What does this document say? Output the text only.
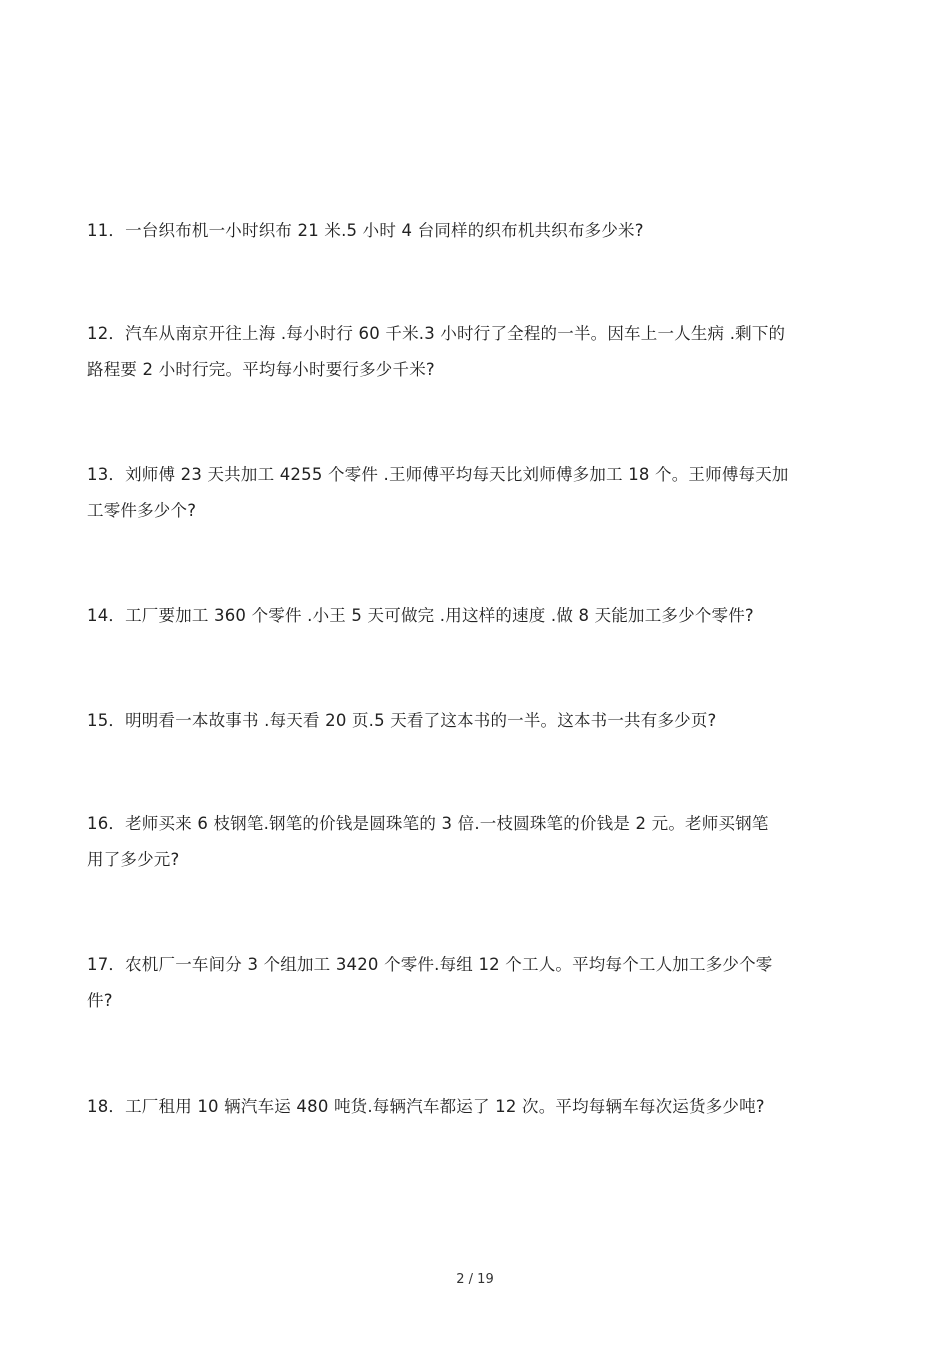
11．一台织布机一小时织布 21 米.5 小时 4 台同样的织布机共织布多少米?
12．汽车从南京开往上海 .每小时行 60 千米.3 小时行了全程的一半。因车上一人生病 .剩下的
路程要 2 小时行完。平均每小时要行多少千米?
13．刘师傅 23 天共加工 4255 个零件 .王师傅平均每天比刘师傅多加工 18 个。王师傅每天加
工零件多少个?
14．工厂要加工 360 个零件 .小王 5 天可做完 .用这样的速度 .做 8 天能加工多少个零件?
15．明明看一本故事书 .每天看 20 页.5 天看了这本书的一半。这本书一共有多少页?
16．老师买来 6 枝钢笔.钢笔的价钱是圆珠笔的 3 倍.一枝圆珠笔的价钱是 2 元。老师买钢笔
用了多少元?
17．农机厂一车间分 3 个组加工 3420 个零件.每组 12 个工人。平均每个工人加工多少个零
件?
18．工厂租用 10 辆汽车运 480 吨货.每辆汽车都运了 12 次。平均每辆车每次运货多少吨?
2 / 19
